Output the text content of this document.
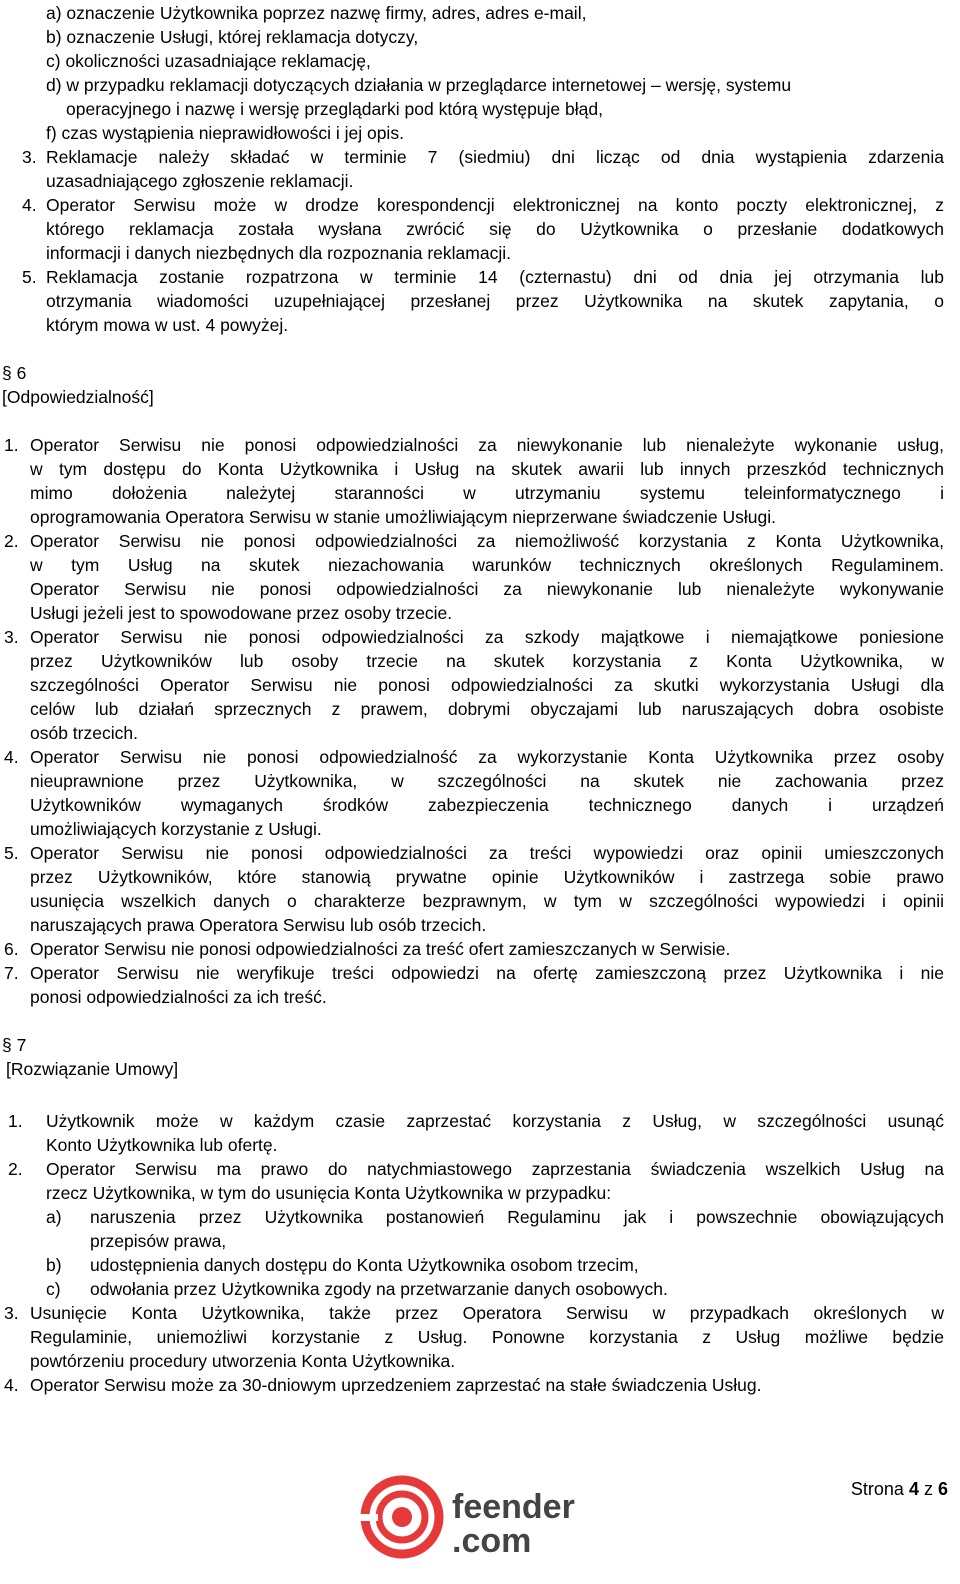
a) oznaczenie Użytkownika poprzez nazwę firmy, adres, adres e-mail,
b) oznaczenie Usługi, której reklamacja dotyczy,
c) okoliczności uzasadniające reklamację,
d) w przypadku reklamacji dotyczących działania w przeglądarce internetowej – wersję, systemu
operacyjnego i nazwę i wersję przeglądarki pod którą występuje błąd,
f) czas wystąpienia nieprawidłowości i jej opis.
3. Reklamacje należy składać w terminie 7 (siedmiu) dni licząc od dnia wystąpienia zdarzenia
uzasadniającego zgłoszenie reklamacji.
4. Operator Serwisu może w drodze korespondencji elektronicznej na konto poczty elektronicznej, z
którego reklamacja została wysłana zwrócić się do Użytkownika o przesłanie dodatkowych
informacji i danych niezbędnych dla rozpoznania reklamacji.
5. Reklamacja zostanie rozpatrzona w terminie 14 (czternastu) dni od dnia jej otrzymania lub
otrzymania wiadomości uzupełniającej przesłanej przez Użytkownika na skutek zapytania, o
którym mowa w ust. 4 powyżej.
§ 6
[Odpowiedzialność]
1. Operator Serwisu nie ponosi odpowiedzialności za niewykonanie lub nienależyte wykonanie usług,
w tym dostępu do Konta Użytkownika i Usług na skutek awarii lub innych przeszkód technicznych
mimo dołożenia należytej staranności w utrzymaniu systemu teleinformatycznego i
oprogramowania Operatora Serwisu w stanie umożliwiającym nieprzerwane świadczenie Usługi.
2. Operator Serwisu nie ponosi odpowiedzialności za niemożliwość korzystania z Konta Użytkownika,
w tym Usług na skutek niezachowania warunków technicznych określonych Regulaminem.
Operator Serwisu nie ponosi odpowiedzialności za niewykonanie lub nienależyte wykonywanie
Usługi jeżeli jest to spowodowane przez osoby trzecie.
3. Operator Serwisu nie ponosi odpowiedzialności za szkody majątkowe i niemajątkowe poniesione
przez Użytkowników lub osoby trzecie na skutek korzystania z Konta Użytkownika, w
szczególności Operator Serwisu nie ponosi odpowiedzialności za skutki wykorzystania Usługi dla
celów lub działań sprzecznych z prawem, dobrymi obyczajami lub naruszających dobra osobiste
osób trzecich.
4. Operator Serwisu nie ponosi odpowiedzialność za wykorzystanie Konta Użytkownika przez osoby
nieuprawnione przez Użytkownika, w szczególności na skutek nie zachowania przez
Użytkowników wymaganych środków zabezpieczenia technicznego danych i urządzeń
umożliwiających korzystanie z Usługi.
5. Operator Serwisu nie ponosi odpowiedzialności za treści wypowiedzi oraz opinii umieszczonych
przez Użytkowników, które stanowią prywatne opinie Użytkowników i zastrzega sobie prawo
usunięcia wszelkich danych o charakterze bezprawnym, w tym w szczególności wypowiedzi i opinii
naruszających prawa Operatora Serwisu lub osób trzecich.
6. Operator Serwisu nie ponosi odpowiedzialności za treść ofert zamieszczanych w Serwisie.
7. Operator Serwisu nie weryfikuje treści odpowiedzi na ofertę zamieszczoną przez Użytkownika i nie
ponosi odpowiedzialności za ich treść.
§ 7
[Rozwiązanie Umowy]
1. Użytkownik może w każdym czasie zaprzestać korzystania z Usług, w szczególności usunąć
Konto Użytkownika lub ofertę.
2. Operator Serwisu ma prawo do natychmiastowego zaprzestania świadczenia wszelkich Usług na
rzecz Użytkownika, w tym do usunięcia Konta Użytkownika w przypadku:
a) naruszenia przez Użytkownika postanowień Regulaminu jak i powszechnie obowiązujących
przepisów prawa,
b) udostępnienia danych dostępu do Konta Użytkownika osobom trzecim,
c) odwołania przez Użytkownika zgody na przetwarzanie danych osobowych.
3. Usunięcie Konta Użytkownika, także przez Operatora Serwisu w przypadkach określonych w
Regulaminie, uniemożliwi korzystanie z Usług. Ponowne korzystania z Usług możliwe będzie
powtórzeniu procedury utworzenia Konta Użytkownika.
4. Operator Serwisu może za 30-dniowym uprzedzeniem zaprzestać na stałe świadczenia Usług.
Strona 4 z 6
feender
.com
